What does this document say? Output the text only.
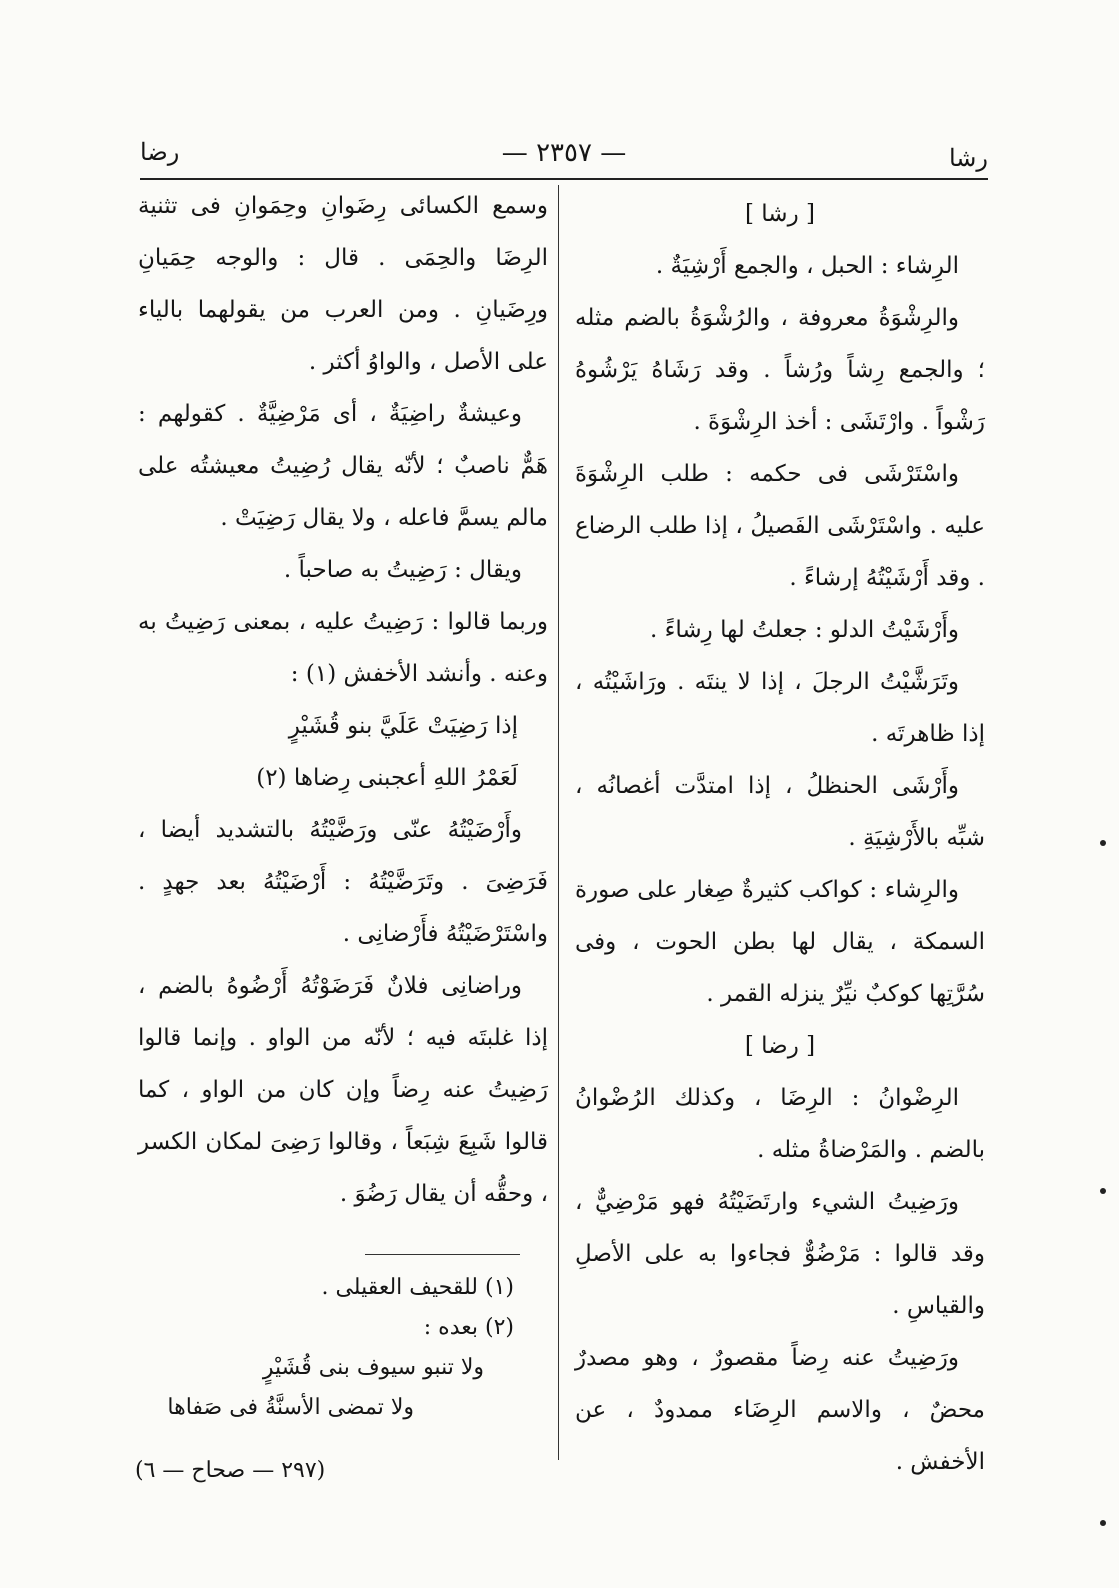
رشا
— ٢٣٥٧ —
رضا

[ رشا ]

الرِشاء : الحبل ، والجمع أَرْشِيَةٌ .

والرِشْوَةُ معروفة ، والرُشْوَةُ بالضم مثله ؛ والجمع رِشاً ورُشاً . وقد رَشَاهُ يَرْشُوهُ رَشْواً . وارْتَشَى : أخذ الرِشْوَةَ .

واسْتَرْشَى فى حكمه : طلب الرِشْوَةَ عليه . واسْتَرْشَى الفَصيلُ ، إذا طلب الرضاع . وقد أَرْشَيْتُهُ إرشاءً .

وأَرْشَيْتُ الدلو : جعلتُ لها رِشاءً .

وتَرَشَّيْتُ الرجلَ ، إذا لا ينتَه . ورَاشَيْتُه ، إذا ظاهرتَه .

وأَرْشَى الحنظلُ ، إذا امتدَّت أغصانُه ، شبِّه بالأَرْشِيَةِ .

والرِشاء : كواكب كثيرةٌ صِغار على صورة السمكة ، يقال لها بطن الحوت ، وفى سُرَّتِها كوكبٌ نيِّرٌ ينزله القمر .

[ رضا ]

الرِضْوانُ : الرِضَا ، وكذلك الرُضْوانُ بالضم . والمَرْضاةُ مثله .

ورَضِيتُ الشيء وارتَضَيْتُهُ فهو مَرْضِيٌّ ، وقد قالوا : مَرْضُوٌّ فجاءوا به على الأصلِ والقياسِ .

ورَضِيتُ عنه رِضاً مقصورٌ ، وهو مصدرٌ محضٌ ، والاسم الرِضَاء ممدودٌ ، عن الأخفش .

وسمع الكسائى رِضَوانِ وحِمَوانِ فى تثنية الرِضَا والحِمَى . قال : والوجه حِمَيانِ ورِضَيانِ . ومن العرب من يقولهما بالياء على الأصل ، والواوُ أكثر .

وعيشةٌ راضِيَةٌ ، أى مَرْضِيَّةٌ . كقولهم : هَمٌّ ناصبٌ ؛ لأنّه يقال رُضِيتُ معيشتُه على مالم يسمَّ فاعله ، ولا يقال رَضِيَتْ .

ويقال : رَضِيتُ به صاحباً .

وربما قالوا : رَضِيتُ عليه ، بمعنى رَضِيتُ به وعنه . وأنشد الأخفش (١) :

إذا رَضِيَتْ عَلَيَّ بنو قُشَيْرٍ

لَعَمْرُ اللهِ أعجبنى رِضاها (٢)

وأَرْضَيْتُهُ عنّى ورَضَّيْتُهُ بالتشديد أيضا ، فَرَضِىَ . وتَرَضَّيْتُهُ : أَرْضَيْتُهُ بعد جهدٍ . واسْتَرْضَيْتُهُ فأَرْضانِى .

وراضانِى فلانٌ فَرَضَوْتُهُ أَرْضُوهُ بالضم ، إذا غلبتَه فيه ؛ لأنّه من الواو . وإنما قالوا رَضِيتُ عنه رِضاً وإن كان من الواو ، كما قالوا شَبِعَ شِبَعاً ، وقالوا رَضِىَ لمكان الكسر ، وحقُّه أن يقال رَضُوَ .

(١) للقحيف العقيلى .

(٢) بعده :

ولا تنبو سيوف بنى قُشَيْرٍ

ولا تمضى الأسنَّةُ فى صَفاها

(٢٩٧ — صحاح — ٦)
